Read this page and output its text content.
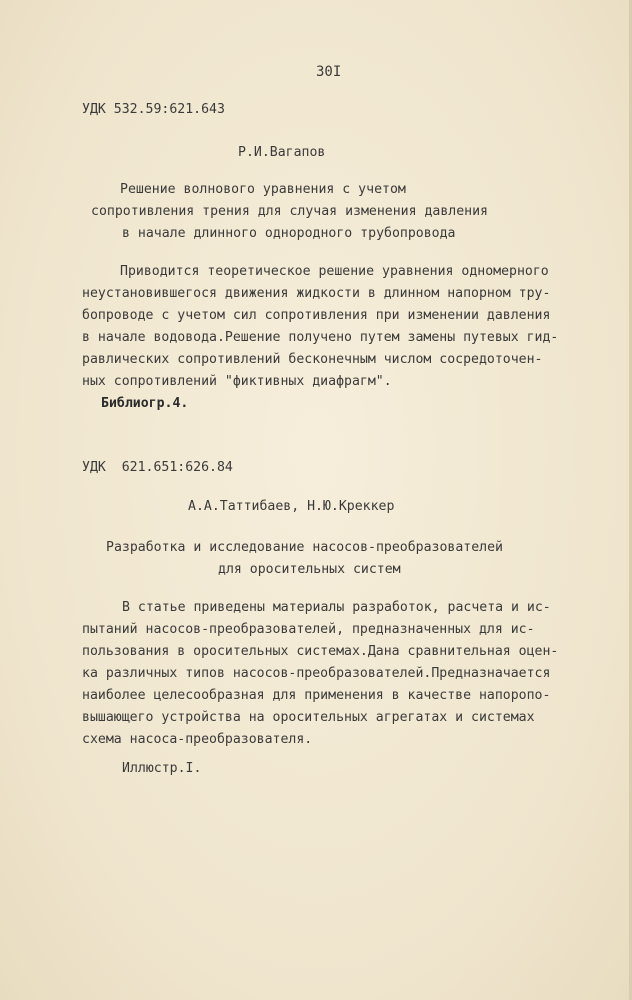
30I
УДК 532.59:621.643
Р.И.Вагапов
Решение волнового уравнения с учетом
сопротивления трения для случая изменения давления
в начале длинного однородного трубопровода
Приводится теоретическое решение уравнения одномерного
неустановившегося движения жидкости в длинном напорном тру-
бопроводе с учетом сил сопротивления при изменении давления
в начале водовода.Решение получено путем замены путевых гид-
равлических сопротивлений бесконечным числом сосредоточен-
ных сопротивлений "фиктивных диафрагм".
Библиогр.4.
УДК  621.651:626.84
А.А.Таттибаев, Н.Ю.Креккер
Разработка и исследование насосов-преобразователей
для оросительных систем
В статье приведены материалы разработок, расчета и ис-
пытаний насосов-преобразователей, предназначенных для ис-
пользования в оросительных системах.Дана сравнительная оцен-
ка различных типов насосов-преобразователей.Предназначается
наиболее целесообразная для применения в качестве напоропо-
вышающего устройства на оросительных агрегатах и системах
схема насоса-преобразователя.
Иллюстр.I.
